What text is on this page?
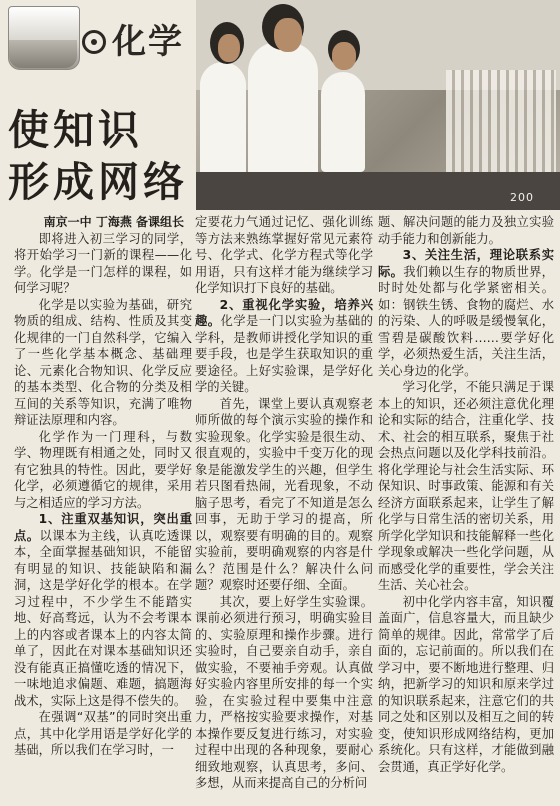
200
化学
使知识
形成网络

南京一中 丁海燕 备课组长

即将进入初三学习的同学，将开始学习一门新的课程——化学。化学是一门怎样的课程，如何学习呢？

化学是以实验为基础，研究物质的组成、结构、性质及其变化规律的一门自然科学，它编入了一些化学基本概念、基础理论、元素化合物知识、化学反应的基本类型、化合物的分类及相互间的关系等知识，充满了唯物辩证法原理和内容。

化学作为一门理科，与数学、物理既有相通之处，同时又有它独具的特性。因此，要学好化学，必须遵循它的规律，采用与之相适应的学习方法。

1、注重双基知识，突出重点。以课本为主线，认真吃透课本，全面掌握基础知识，不能留有明显的知识、技能缺陷和漏洞，这是学好化学的根本。在学习过程中，不少学生不能踏实地、好高骛远，认为不会考课本上的内容或者课本上的内容太简单了，因此在对课本基础知识还没有能真正搞懂吃透的情况下，一味地追求偏题、难题，搞题海战术，实际上这是得不偿失的。

在强调“双基”的同时突出重点，其中化学用语是学好化学的基础，所以我们在学习时，一

定要花力气通过记忆、强化训练等方法来熟练掌握好常见元素符号、化学式、化学方程式等化学用语，只有这样才能为继续学习化学知识打下良好的基础。

2、重视化学实验，培养兴趣。化学是一门以实验为基础的学科，是教师讲授化学知识的重要手段，也是学生获取知识的重要途径。上好实验课，是学好化学的关键。

首先，课堂上要认真观察老师所做的每个演示实验的操作和实验现象。化学实验是很生动、很直观的，实验中千变万化的现象是能激发学生的兴趣，但学生若只图看热闹，光看现象，不动脑子思考，看完了不知道是怎么回事，无助于学习的提高，所以，观察要有明确的目的。观察实验前，要明确观察的内容是什么？范围是什么？解决什么问题？观察时还要仔细、全面。

其次，要上好学生实验课。课前必须进行预习，明确实验目的、实验原理和操作步骤。进行实验时，自己要亲自动手，亲自做实验，不要袖手旁观。认真做好实验内容里所安排的每一个实验，在实验过程中要集中注意力，严格按实验要求操作，对基本操作要反复进行练习，对实验过程中出现的各种现象，要耐心细致地观察，认真思考，多问、多想，从而来提高自己的分析问

题、解决问题的能力及独立实验动手能力和创新能力。

3、关注生活，理论联系实际。我们赖以生存的物质世界，时时处处都与化学紧密相关。如：钢铁生锈、食物的腐烂、水的污染、人的呼吸是缓慢氧化，雪碧是碳酸饮料……要学好化学，必须热爱生活，关注生活，关心身边的化学。

学习化学，不能只满足于课本上的知识，还必须注意优化理论和实际的结合，注重化学、技术、社会的相互联系，聚焦于社会热点问题以及化学科技前沿。将化学理论与社会生活实际、环保知识、时事政策、能源和有关经济方面联系起来，让学生了解化学与日常生活的密切关系，用所学化学知识和技能解释一些化学现象或解决一些化学问题，从而感受化学的重要性，学会关注生活、关心社会。

初中化学内容丰富，知识覆盖面广，信息容量大，而且缺少简单的规律。因此，常常学了后面的，忘记前面的。所以我们在学习中，要不断地进行整理、归纳，把新学习的知识和原来学过的知识联系起来，注意它们的共同之处和区别以及相互之间的转变，使知识形成网络结构，更加系统化。只有这样，才能做到融会贯通，真正学好化学。
